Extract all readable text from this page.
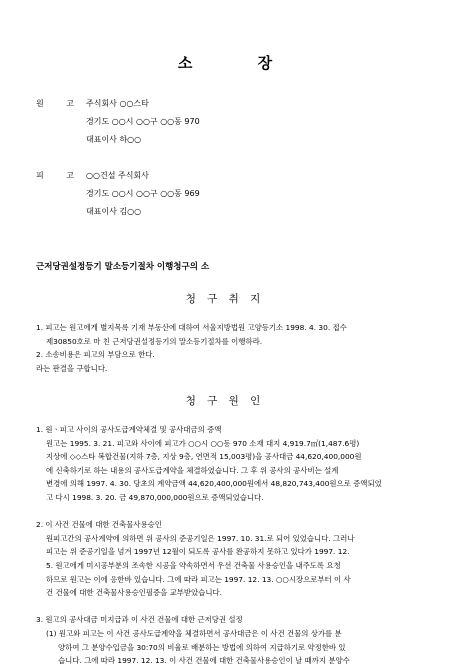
소 장
원 고 주식회사 ○○스타
경기도 ○○시 ○○구 ○○동 970
대표이사 하○○
피 고 ○○건설 주식회사
경기도 ○○시 ○○구 ○○동 969
대표이사 김○○
근저당권설정등기 말소등기절차 이행청구의 소
청 구 취 지

1. 피고는 원고에게 별지목록 기재 부동산에 대하여 서울지방법원 고양등기소 1998. 4. 30. 접수

제30850호로 마 친 근저당권설정등기의 말소등기절차를 이행하라.

2. 소송비용은 피고의 부담으로 한다.

라는 판결을 구합니다.

청 구 원 인

1. 원ㆍ피고 사이의 공사도급계약체결 및 공사대금의 증액

원고는 1995. 3. 21. 피고와 사이에 피고가 ○○시 ○○동 970 소재 대지 4,919.7㎡(1,487.6평)

지상에 ◇◇스타 복합건물(지하 7층, 지상 9층, 연면적 15,003평)을 공사대금 44,620,400,000원

에 신축하기로 하는 내용의 공사도급계약을 체결하였습니다. 그 후 위 공사의 공사비는 설계

변경에 의해 1997. 4. 30. 당초의 계약금액 44,620,400,000원에서 48,820,743,400원으로 증액되었

고 다시 1998. 3. 20. 금 49,870,000,000원으로 증액되었습니다.

2. 이 사건 건물에 대한 건축물사용승인

원피고간의 공사계약에 의하면 위 공사의 준공기일은 1997. 10. 31.로 되어 있었습니다. 그러나

피고는 위 준공기일을 넘겨 1997년 12월이 되도록 공사를 완공하지 못하고 있다가 1997. 12.

5. 원고에게 미시공부분의 조속한 시공을 약속하면서 우선 건축물 사용승인을 내주도록 요청

하므로 원고는 이에 응한바 있습니다. 그에 따라 피고는 1997. 12. 13. ○○시장으로부터 이 사

건 건물에 대한 건축물사용승인필증을 교부받았습니다.

3. 원고의 공사대금 미지급과 이 사건 건물에 대한 근저당권 설정

(1) 원고와 피고는 이 사건 공사도급계약을 체결하면서 공사대금은 이 사건 건물의 상가를 분

양하여 그 분양수입금을 30:70의 비율로 배분하는 방법에 의하여 지급하기로 약정한바 있

습니다. 그에 따라 1997. 12. 13. 이 사건 건물에 대한 건축물사용승인이 날 때까지 분양수
